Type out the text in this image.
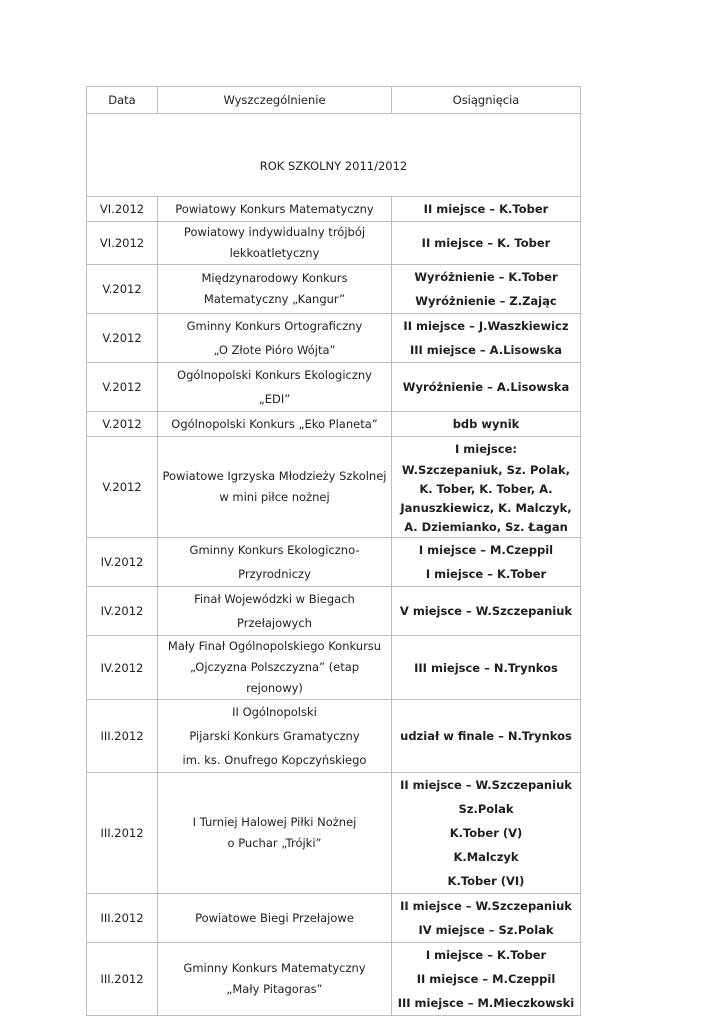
Data	Wyszczególnienie	Osiągnięcia
ROK SZKOLNY 2011/2012		
VI.2012	Powiatowy Konkurs Matematyczny	II miejsce – K.Tober

VI.2012	Powiatowy indywidualny trójbój lekkoatletyczny	II miejsce – K. Tober

V.2012	Międzynarodowy Konkurs Matematyczny „Kangur”	Wyróżnienie – K.Tober
Wyróżnienie – Z.Zając

V.2012	Gminny Konkurs Ortograficzny
„O Złote Pióro Wójta”	II miejsce – J.Waszkiewicz
III miejsce – A.Lisowska

V.2012	Ogólnopolski Konkurs Ekologiczny „EDI”	Wyróżnienie – A.Lisowska

V.2012	Ogólnopolski Konkurs „Eko Planeta”	bdb wynik

V.2012	Powiatowe Igrzyska Młodzieży Szkolnej w mini piłce nożnej	I miejsce:
W.Szczepaniuk, Sz. Polak, K. Tober, K. Tober, A. Januszkiewicz, K. Malczyk, A. Dziemianko, Sz. Łagan

IV.2012	Gminny Konkurs Ekologiczno-Przyrodniczy	I miejsce – M.Czeppil
I miejsce – K.Tober

IV.2012	Finał Wojewódzki w Biegach Przełajowych	V miejsce – W.Szczepaniuk

IV.2012	Mały Finał Ogólnopolskiego Konkursu „Ojczyzna Polszczyzna” (etap rejonowy)	III miejsce – N.Trynkos

III.2012	II Ogólnopolski
Pijarski Konkurs Gramatyczny
im. ks. Onufrego Kopczyńskiego	udział w finale – N.Trynkos

III.2012	I Turniej Halowej Piłki Nożnej
o Puchar „Trójki”	II miejsce – W.Szczepaniuk
Sz.Polak
K.Tober (V)
K.Malczyk
K.Tober (VI)

III.2012	Powiatowe Biegi Przełajowe	II miejsce – W.Szczepaniuk
IV miejsce – Sz.Polak

III.2012	Gminny Konkurs Matematyczny
„Mały Pitagoras”	I miejsce – K.Tober
II miejsce – M.Czeppil
III miejsce – M.Mieczkowski
